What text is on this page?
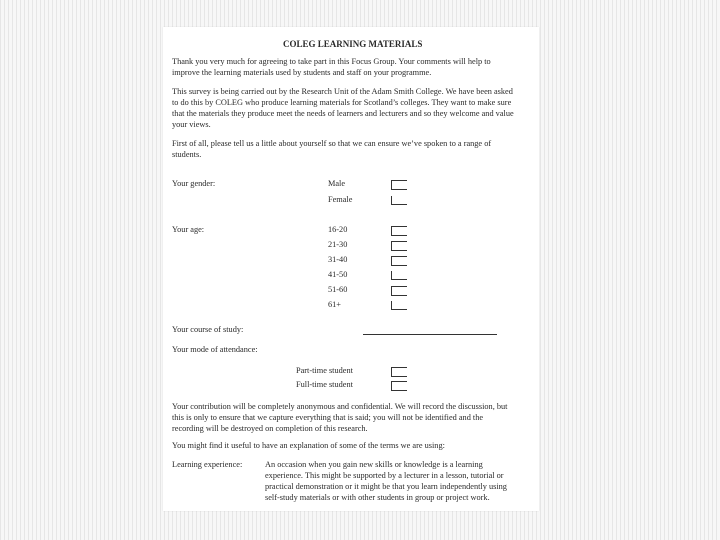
COLEG LEARNING MATERIALS
Thank you very much for agreeing to take part in this Focus Group. Your comments will help to
improve the learning materials used by students and staff on your programme.
This survey is being carried out by the Research Unit of the Adam Smith College. We have been asked
to do this by COLEG who produce learning materials for Scotland’s colleges. They want to make sure
that the materials they produce meet the needs of learners and lecturers and so they welcome and value
your views.
First of all, please tell us a little about yourself so that we can ensure we’ve spoken to a range of
students.
Your gender:	Male
Female
Your age:	16-20
21-30
31-40
41-50
51-60
61+
Your course of study:
Your mode of attendance:
Part-time student
Full-time student
Your contribution will be completely anonymous and confidential. We will record the discussion, but
this is only to ensure that we capture everything that is said; you will not be identified and the
recording will be destroyed on completion of this research.
You might find it useful to have an explanation of some of the terms we are using:
Learning experience:	An occasion when you gain new skills or knowledge is a learning
experience. This might be supported by a lecturer in a lesson, tutorial or
practical demonstration or it might be that you learn independently using
self-study materials or with other students in group or project work.
